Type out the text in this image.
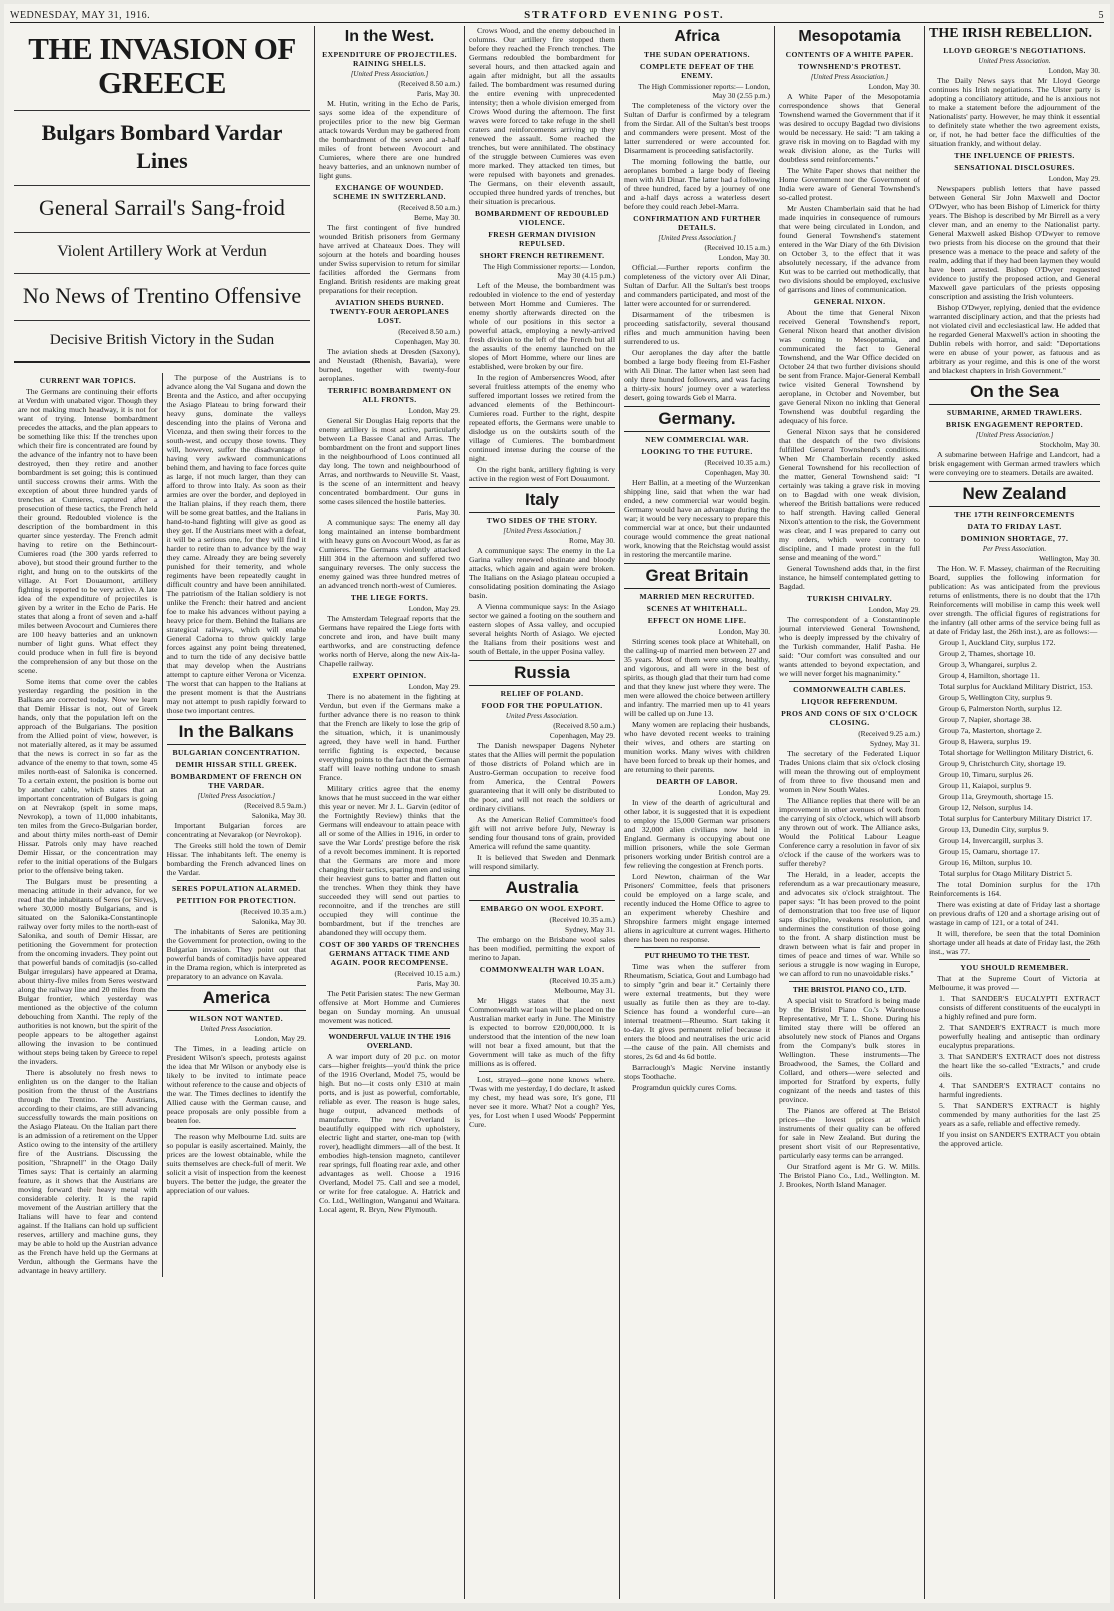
WEDNESDAY, MAY 31, 1916.	STRATFORD EVENING POST.	5
THE INVASION OF GREECE
Bulgars Bombard Vardar Lines
General Sarrail's Sang-froid
Violent Artillery Work at Verdun
No News of Trentino Offensive
Decisive British Victory in the Sudan
CURRENT WAR TOPICS.

The Germans are continuing their efforts at Verdun with unabated vigor. Though they are not making much headway, it is not for want of trying. Intense bombardment precedes the attacks, and the plan appears to be something like this: If the trenches upon which their fire is concentrated are found by the advance of the infantry not to have been destroyed, then they retire and another bombardment is set going; this is continued until success crowns their arms. With the exception of about three hundred yards of trenches at Cumieres, captured after a prosecution of these tactics, the French held their ground. Redoubled violence is the description of the bombardment in this quarter since yesterday. The French admit having to retire on the Bethincourt-Cumieres road (the 300 yards referred to above), but stood their ground further to the right, and hung on to the outskirts of the village. At Fort Douaumont, artillery fighting is reported to be very active. A late idea of the expenditure of projectiles is given by a writer in the Echo de Paris. He states that along a front of seven and a-half miles between Avocourt and Cumieres there are 100 heavy batteries and an unknown number of light guns. What effect they could produce when in full fire is beyond the comprehension of any but those on the scene.

Some items that come over the cables yesterday regarding the position in the Balkans are corrected today. Now we learn that Demir Hissar is not, out of Greek hands, only that the population left on the approach of the Bulgarians. The position from the Allied point of view, however, is not materially altered, as it may be assumed that the news is correct in so far as the advance of the enemy to that town, some 45 miles north-east of Salonika is concerned. To a certain extent, the position is borne out by another cable, which states that an important concentration of Bulgars is going on at Nevrakop (spelt in some maps, Nevrokop), a town of 11,000 inhabitants, ten miles from the Greco-Bulgarian border, and about thirty miles north-east of Demir Hissar. Patrols only may have reached Demir Hissar, or the concentration may refer to the initial operations of the Bulgars prior to the offensive being taken.

The Bulgars must be presenting a menacing attitude in their advance, for we read that the inhabitants of Seres (or Sirves), where 30,000 mostly Bulgarians, and is situated on the Salonika-Constantinople railway over forty miles to the north-east of Salonika, and south of Demir Hissar, are petitioning the Government for protection from the oncoming invaders. They point out that powerful bands of comitadjis (so-called Bulgar irregulars) have appeared at Drama, about thirty-five miles from Seres westward along the railway line and 20 miles from the Bulgar frontier, which yesterday was mentioned as the objective of the column debouching from Xanthi. The reply of the authorities is not known, but the spirit of the people appears to be altogether against allowing the invasion to be continued without steps being taken by Greece to repel the invaders.

There is absolutely no fresh news to enlighten us on the danger to the Italian position from the thrust of the Austrians through the Trentino. The Austrians, according to their claims, are still advancing successfully towards the main positions on the Asiago Plateau. On the Italian part there is an admission of a retirement on the Upper Astico owing to the intensity of the artillery fire of the Austrians. Discussing the position, "Shrapnell" in the Otago Daily Times says: That is certainly an alarming feature, as it shows that the Austrians are moving forward their heavy metal with considerable celerity. It is the rapid movement of the Austrian artillery that the Italians will have to fear and contend against. If the Italians can hold up sufficient reserves, artillery and machine guns, they may be able to hold up the Austrian advance as the French have held up the Germans at Verdun, although the Germans have the advantage in heavy artillery.

The purpose of the Austrians is to advance along the Val Sugana and down the Brenta and the Astico, and after occupying the Asiago Plateau to bring forward their heavy guns, dominate the valleys descending into the plains of Verona and Vicenza, and then swing their forces to the south-west, and occupy those towns. They will, however, suffer the disadvantage of having very awkward communications behind them, and having to face forces quite as large, if not much larger, than they can afford to throw into Italy. As soon as their armies are over the border, and deployed in the Italian plains, if they reach them, there will be some great battles, and the Italians in hand-to-hand fighting will give as good as they get. If the Austrians meet with a defeat, it will be a serious one, for they will find it harder to retire than to advance by the way they came. Already they are being severely punished for their temerity, and whole regiments have been repeatedly caught in difficult country and have been annihilated. The patriotism of the Italian soldiery is not unlike the French: their hatred and ancient foe to make his advances without paying a heavy price for them. Behind the Italians are strategical railways, which will enable General Cadorna to throw quickly large forces against any point being threatened, and to turn the tide of any decisive battle that may develop when the Austrians attempt to capture either Verona or Vicenza. The worst that can happen to the Italians at the present moment is that the Austrians may not attempt to push rapidly forward to those two important centres.

In the Balkans
BULGARIAN CONCENTRATION.
DEMIR HISSAR STILL GREEK.
BOMBARDMENT OF FRENCH ON THE VARDAR.
[United Press Association.]
(Received 8.5 9a.m.)
Salonika, May 30.

Important Bulgarian forces are concentrating at Nevarakop (or Nevrokop).

The Greeks still hold the town of Demir Hissar. The inhabitants left. The enemy is bombarding the French advanced lines on the Vardar.

SERES POPULATION ALARMED.
PETITION FOR PROTECTION.
(Received 10.35 a.m.)
Salonika, May 30.

The inhabitants of Seres are petitioning the Government for protection, owing to the Bulgarian invasion. They point out that powerful bands of comitadjis have appeared in the Drama region, which is interpreted as preparatory to an advance on Kavala.

America
WILSON NOT WANTED.
United Press Association.
London, May 29.

The Times, in a leading article on President Wilson's speech, protests against the idea that Mr Wilson or anybody else is likely to be invited to intimate peace without reference to the cause and objects of the war. The Times declines to identify the Allied cause with the German cause, and peace proposals are only possible from a beaten foe.

The reason why Melbourne Ltd. suits are so popular is easily ascertained. Mainly, the prices are the lowest obtainable, while the suits themselves are check-full of merit. We solicit a visit of inspection from the keenest buyers. The better the judge, the greater the appreciation of our values.

In the West.
EXPENDITURE OF PROJECTILES. RAINING SHELLS.
[United Press Association.]
(Received 8.50 a.m.)
Paris, May 30.

M. Hutin, writing in the Echo de Paris, says some idea of the expenditure of projectiles prior to the new big German attack towards Verdun may be gathered from the bombardment of the seven and a-half miles of front between Avocourt and Cumieres, where there are one hundred heavy batteries, and an unknown number of light guns.

EXCHANGE OF WOUNDED. SCHEME IN SWITZERLAND.
(Received 8.50 a.m.)
Berne, May 30.

The first contingent of five hundred wounded British prisoners from Germany have arrived at Chateaux Does. They will sojourn at the hotels and boarding houses under Swiss supervision to return for similar facilities afforded the Germans from England. British residents are making great preparations for their reception.

AVIATION SHEDS BURNED. TWENTY-FOUR AEROPLANES LOST.
(Received 8.50 a.m.)
Copenhagen, May 30.

The aviation sheds at Dresden (Saxony), and Neustadt (Rhenish, Bavaria), were burned, together with twenty-four aeroplanes.

TERRIFIC BOMBARDMENT ON ALL FRONTS.
London, May 29.

General Sir Douglas Haig reports that the enemy artillery is most active, particularly between La Bassee Canal and Arras. The bombardment on the front and support lines in the neighbourhood of Loos continued all day long. The town and neighbourhood of Arras, and northwards to Neuville St. Vaast, is the scene of an intermittent and heavy concentrated bombardment. Our guns in some cases silenced the hostile batteries.

Paris, May 30.

A communique says: The enemy all day long maintained an intense bombardment with heavy guns on Avocourt Wood, as far as Cumieres. The Germans violently attacked Hill 304 in the afternoon and suffered two sanguinary reverses. The only success the enemy gained was three hundred metres of an advanced trench north-west of Cumieres.

THE LIEGE FORTS.
London, May 29.

The Amsterdam Telegraaf reports that the Germans have repaired the Liege forts with concrete and iron, and have built many earthworks, and are constructing defence works north of Herve, along the new Aix-la-Chapelle railway.

EXPERT OPINION.
London, May 29.

There is no abatement in the fighting at Verdun, but even if the Germans make a further advance there is no reason to think that the French are likely to lose the grip of the situation, which, it is unanimously agreed, they have well in hand. Further terrific fighting is expected, because everything points to the fact that the German staff will leave nothing undone to smash France.

Military critics agree that the enemy knows that he must succeed in the war either this year or never. Mr J. L. Garvin (editor of the Fortnightly Review) thinks that the Germans will endeavour to attain peace with all or some of the Allies in 1916, in order to save the War Lords' prestige before the risk of a revolt becomes imminent. It is reported that the Germans are more and more changing their tactics, sparing men and using their heaviest guns to batter and flatten out the trenches. When they think they have succeeded they will send out parties to reconnoitre, and if the trenches are still occupied they will continue the bombardment, but if the trenches are abandoned they will occupy them.

COST OF 300 YARDS OF TRENCHES GERMANS ATTACK TIME AND AGAIN. POOR RECOMPENSE.
(Received 10.15 a.m.)
Paris, May 30.

The Petit Parisien states: The new German offensive at Mort Homme and Cumieres began on Sunday morning. An unusual movement was noticed.

WONDERFUL VALUE IN THE 1916 OVERLAND.

A war import duty of 20 p.c. on motor cars—higher freights—you'd think the price of the 1916 Overland, Model 75, would be high. But no—it costs only £310 at main ports, and is just as powerful, comfortable, reliable as ever. The reason is huge sales, huge output, advanced methods of manufacture. The new Overland is beautifully equipped with rich upholstery, electric light and starter, one-man top (with rover), headlight dimmers—all of the best. It embodies high-tension magneto, cantilever rear springs, full floating rear axle, and other advantages as well. Choose a 1916 Overland, Model 75. Call and see a model, or write for free catalogue. A. Hatrick and Co. Ltd., Wellington, Wanganui and Waitara. Local agent, R. Bryn, New Plymouth.

Crows Wood, and the enemy debouched in columns. Our artillery fire stopped them before they reached the French trenches. The Germans redoubled the bombardment for several hours, and then attacked again and again after midnight, but all the assaults failed. The bombardment was resumed during the entire evening with unprecedented intensity; then a whole division emerged from Crows Wood during the afternoon. The first waves were forced to take refuge in the shell craters and reinforcements arriving up they renewed the assault. Some reached the trenches, but were annihilated. The obstinacy of the struggle between Cumieres was even more marked. They attacked ten times, but were repulsed with bayonets and grenades. The Germans, on their eleventh assault, occupied three hundred yards of trenches, but their situation is precarious.

BOMBARDMENT OF REDOUBLED VIOLENCE.
FRESH GERMAN DIVISION REPULSED.
SHORT FRENCH RETIREMENT.
The High Commissioner reports:— London, May 30 (4.15 p.m.)

Left of the Meuse, the bombardment was redoubled in violence to the end of yesterday between Mort Homme and Cumieres. The enemy shortly afterwards directed on the whole of our positions in this sector a powerful attack, employing a newly-arrived fresh division to the left of the French but all the assaults of the enemy launched on the slopes of Mort Homme, where our lines are established, were broken by our fire.

In the region of Ambersencres Wood, after several fruitless attempts of the enemy who suffered important losses we retired from the advanced elements of the Bethincourt-Cumieres road. Further to the right, despite repeated efforts, the Germans were unable to dislodge us on the outskirts south of the village of Cumieres. The bombardment continued intense during the course of the night.

On the right bank, artillery fighting is very active in the region west of Fort Douaumont.

Italy
TWO SIDES OF THE STORY.
[United Press Association.]
Rome, May 30.

A communique says: The enemy in the La Garina valley renewed obstinate and bloody attacks, which again and again were broken. The Italians on the Asiago plateau occupied a consolidating position dominating the Asiago basin.

A Vienna communique says: In the Asiago sector we gained a footing on the southern and eastern slopes of Assa valley, and occupied several heights North of Asiago. We ejected the Italians from their positions west and south of Bettale, in the upper Posina valley.

Russia
RELIEF OF POLAND.
FOOD FOR THE POPULATION.
United Press Association.
(Received 8.50 a.m.)
Copenhagen, May 29.

The Danish newspaper Dagens Nyheter states that the Allies will permit the population of those districts of Poland which are in Austro-German occupation to receive food from America, the Central Powers guaranteeing that it will only be distributed to the poor, and will not reach the soldiers or ordinary civilians.

As the American Relief Committee's food gift will not arrive before July, Newray is sending four thousand tons of grain, provided America will refund the same quantity.

It is believed that Sweden and Denmark will respond similarly.

Australia
EMBARGO ON WOOL EXPORT.
(Received 10.35 a.m.)
Sydney, May 31.

The embargo on the Brisbane wool sales has been modified, permitting the export of merino to Japan.

COMMONWEALTH WAR LOAN.
(Received 10.35 a.m.)
Melbourne, May 31.

Mr Higgs states that the next Commonwealth war loan will be placed on the Australian market early in June. The Ministry is expected to borrow £20,000,000. It is understood that the intention of the new loan will not bear a fixed amount, but that the Government will take as much of the fifty millions as is offered.

Lost, strayed—gone none knows where. 'Twas with me yesterday, I do declare, It asked my chest, my head was sore, It's gone, I'll never see it more. What? Not a cough? Yes, yes, for Lost when I used Woods' Peppermint Cure.

Africa
THE SUDAN OPERATIONS.
COMPLETE DEFEAT OF THE ENEMY.
The High Commissioner reports:— London, May 30 (2.55 p.m.)

The completeness of the victory over the Sultan of Darfur is confirmed by a telegram from the Sirdar. All of the Sultan's best troops and commanders were present. Most of the latter surrendered or were accounted for. Disarmament is proceeding satisfactorily.

The morning following the battle, our aeroplanes bombed a large body of fleeing men with Ali Dinar. The latter had a following of three hundred, faced by a journey of one and a-half days across a waterless desert before they could reach Jebel-Marra.

CONFIRMATION AND FURTHER DETAILS.
[United Press Association.]
(Received 10.15 a.m.)
London, May 30.

Official.—Further reports confirm the completeness of the victory over Ali Dinar, Sultan of Darfur. All the Sultan's best troops and commanders participated, and most of the latter were accounted for or surrendered.

Disarmament of the tribesmen is proceeding satisfactorily, several thousand rifles and much ammunition having been surrendered to us.

Our aeroplanes the day after the battle bombed a large body fleeing from El-Fasher with Ali Dinar. The latter when last seen had only three hundred followers, and was facing a thirty-six hours' journey over a waterless desert, going towards Geb el Marra.

Germany.
NEW COMMERCIAL WAR.
LOOKING TO THE FUTURE.
(Received 10.35 a.m.)
Copenhagen, May 30.

Herr Ballin, at a meeting of the Wurzenkan shipping line, said that when the war had ended, a new commercial war would begin. Germany would have an advantage during the war; it would be very necessary to prepare this commercial war at once, but their undaunted courage would commence the great national work, knowing that the Reichstag would assist in restoring the mercantile marine.

Great Britain
MARRIED MEN RECRUITED.
SCENES AT WHITEHALL.
EFFECT ON HOME LIFE.
London, May 30.

Stirring scenes took place at Whitehall, on the calling-up of married men between 27 and 35 years. Most of them were strong, healthy, and vigorous, and all were in the best of spirits, as though glad that their turn had come and that they knew just where they were. The men were allowed the choice between artillery and infantry. The married men up to 41 years will be called up on June 13.

Many women are replacing their husbands, who have devoted recent weeks to training their wives, and others are starting on munition works. Many wives with children have been forced to break up their homes, and are returning to their parents.

DEARTH OF LABOR.
London, May 29.

In view of the dearth of agricultural and other labor, it is suggested that it is expedient to employ the 15,000 German war prisoners and 32,000 alien civilians now held in England. Germany is occupying about one million prisoners, while the sole German prisoners working under British control are a few relieving the congestion at French ports.

Lord Newton, chairman of the War Prisoners' Committee, feels that prisoners could be employed on a large scale, and recently induced the Home Office to agree to an experiment whereby Cheshire and Shropshire farmers might engage interned aliens in agriculture at current wages. Hitherto there has been no response.

PUT RHEUMO TO THE TEST.

Time was when the sufferer from Rheumatism, Sciatica, Gout and Lumbago had to simply "grin and bear it." Certainly there were external treatments, but they were usually as futile then as they are to-day. Science has found a wonderful cure—an internal treatment—Rheumo. Start taking it to-day. It gives permanent relief because it enters the blood and neutralises the uric acid—the cause of the pain. All chemists and stores, 2s 6d and 4s 6d bottle.

Barraclough's Magic Nervine instantly stops Toothache.

Programdun quickly cures Corns.

Mesopotamia
CONTENTS OF A WHITE PAPER.
TOWNSHEND'S PROTEST.
[United Press Association.]
London, May 30.

A White Paper of the Mesopotamia correspondence shows that General Townshend warned the Government that if it was desired to occupy Bagdad two divisions would be necessary. He said: "I am taking a grave risk in moving on to Bagdad with my weak division alone, as the Turks will doubtless send reinforcements."

The White Paper shows that neither the Home Government nor the Government of India were aware of General Townshend's so-called protest.

Mr Austen Chamberlain said that he had made inquiries in consequence of rumours that were being circulated in London, and found General Townshend's statement entered in the War Diary of the 6th Division on October 3, to the effect that it was absolutely necessary, if the advance from Kut was to be carried out methodically, that two divisions should be employed, exclusive of garrisons and lines of communication.

GENERAL NIXON.

About the time that General Nixon received General Townshend's report, General Nixon heard that another division was coming to Mesopotamia, and communicated the fact to General Townshend, and the War Office decided on October 24 that two further divisions should be sent from France. Major-General Kemball twice visited General Townshend by aeroplane, in October and November, but gave General Nixon no inkling that General Townshend was doubtful regarding the adequacy of his force.

General Nixon says that he considered that the despatch of the two divisions fulfilled General Townshend's conditions. When Mr Chamberlain recently asked General Townshend for his recollection of the matter, General Townshend said: "I certainly was taking a grave risk in moving on to Bagdad with one weak division, whereof the British battalions were reduced to half strength. Having called General Nixon's attention to the risk, the Government was clear, and I was prepared to carry out my orders, which were contrary to discipline, and I made protest in the full sense and meaning of the word."

General Townshend adds that, in the first instance, he himself contemplated getting to Bagdad.

TURKISH CHIVALRY.
London, May 29.

The correspondent of a Constantinople journal interviewed General Townshend, who is deeply impressed by the chivalry of the Turkish commander, Halif Pasha. He said: "Our comfort was consulted and our wants attended to beyond expectation, and we will never forget his magnanimity."

COMMONWEALTH CABLES.
LIQUOR REFERENDUM.
PROS AND CONS OF SIX O'CLOCK CLOSING.
(Received 9.25 a.m.)
Sydney, May 31.

The secretary of the Federated Liquor Trades Unions claim that six o'clock closing will mean the throwing out of employment of from three to five thousand men and women in New South Wales.

The Alliance replies that there will be an improvement in other avenues of work from the carrying of six o'clock, which will absorb any thrown out of work. The Alliance asks, Would the Political Labour League Conference carry a resolution in favor of six o'clock if the cause of the workers was to suffer thereby?

The Herald, in a leader, accepts the referendum as a war precautionary measure, and advocates six o'clock straightout. The paper says: "It has been proved to the point of demonstration that too free use of liquor saps discipline, weakens resolution, and undermines the constitution of those going to the front. A sharp distinction must be drawn between what is fair and proper in times of peace and times of war. While so serious a struggle is now waging in Europe, we can afford to run no unavoidable risks."

THE BRISTOL PIANO CO., LTD.

A special visit to Stratford is being made by the Bristol Piano Co.'s Warehouse Representative, Mr T. L. Shone. During his limited stay there will be offered an absolutely new stock of Pianos and Organs from the Company's bulk stores in Wellington. These instruments—The Broadwood, the Sames, the Collard and Collard, and others—were selected and imported for Stratford by experts, fully cognizant of the needs and tastes of this province.

The Pianos are offered at The Bristol prices—the lowest prices at which instruments of their quality can be offered for sale in New Zealand. But during the present short visit of our Representative, particularly easy terms can be arranged.

Our Stratford agent is Mr G. W. Mills. The Bristol Piano Co., Ltd., Wellington. M. J. Brookes, North Island Manager.

THE IRISH REBELLION.
LLOYD GEORGE'S NEGOTIATIONS.
United Press Association.
London, May 30.

The Daily News says that Mr Lloyd George continues his Irish negotiations. The Ulster party is adopting a conciliatory attitude, and he is anxious not to make a statement before the adjournment of the Nationalists' party. However, he may think it essential to definitely state whether the two agreement exists, or, if not, he had better face the difficulties of the situation frankly, and without delay.

THE INFLUENCE OF PRIESTS.
SENSATIONAL DISCLOSURES.
London, May 29.

Newspapers publish letters that have passed between General Sir John Maxwell and Doctor O'Dwyer, who has been Bishop of Limerick for thirty years. The Bishop is described by Mr Birrell as a very clever man, and an enemy to the Nationalist party. General Maxwell asked Bishop O'Dwyer to remove two priests from his diocese on the ground that their presence was a menace to the peace and safety of the realm, adding that if they had been laymen they would have been arrested. Bishop O'Dwyer requested evidence to justify the proposed action, and General Maxwell gave particulars of the priests opposing conscription and assisting the Irish volunteers.

Bishop O'Dwyer, replying, denied that the evidence warranted disciplinary action, and that the priests had not violated civil and ecclesiastical law. He added that he regarded General Maxwell's action in shooting the Dublin rebels with horror, and said: "Deportations were en abuse of your power, as fatuous and as arbitrary as your regime, and this is one of the worst and blackest chapters in Irish Government."

On the Sea
SUBMARINE, ARMED TRAWLERS.
BRISK ENGAGEMENT REPORTED.
[United Press Association.]
Stockholm, May 30.

A submarine between Hafrige and Landcort, had a brisk engagement with German armed trawlers which were conveying ore to steamers. Details are awaited.

New Zealand
THE 17TH REINFORCEMENTS
DATA TO FRIDAY LAST.
DOMINION SHORTAGE, 77.
Per Press Association.
Wellington, May 30.

The Hon. W. F. Massey, chairman of the Recruiting Board, supplies the following information for publication: As was anticipated from the previous returns of enlistments, there is no doubt that the 17th Reinforcements will mobilise in camp this week well over strength. The official figures of registrations for the infantry (all other arms of the service being full as at date of Friday last, the 26th inst.), are as follows:—

Group 1, Auckland City, surplus 172.

Group 2, Thames, shortage 10.

Group 3, Whangarei, surplus 2.

Group 4, Hamilton, shortage 11.

Total surplus for Auckland Military District, 153.

Group 5, Wellington City, surplus 9.

Group 6, Palmerston North, surplus 12.

Group 7, Napier, shortage 38.

Group 7a, Masterton, shortage 2.

Group 8, Hawera, surplus 19.

Total shortage for Wellington Military District, 6.

Group 9, Christchurch City, shortage 19.

Group 10, Timaru, surplus 26.

Group 11, Kaiapoi, surplus 9.

Group 11a, Greymouth, shortage 15.

Group 12, Nelson, surplus 14.

Total surplus for Canterbury Military District 17.

Group 13, Dunedin City, surplus 9.

Group 14, Invercargill, surplus 3.

Group 15, Oamaru, shortage 17.

Group 16, Milton, surplus 10.

Total surplus for Otago Military District 5.

The total Dominion surplus for the 17th Reinforcements is 164.

There was existing at date of Friday last a shortage on previous drafts of 120 and a shortage arising out of wastage in camp of 121, or a total of 241.

It will, therefore, be seen that the total Dominion shortage under all heads at date of Friday last, the 26th inst., was 77.

YOU SHOULD REMEMBER.

That at the Supreme Court of Victoria at Melbourne, it was proved —

1. That SANDER'S EUCALYPTI EXTRACT consists of different constituents of the eucalypti in a highly refined and pure form.

2. That SANDER'S EXTRACT is much more powerfully healing and antiseptic than ordinary eucalyptus preparations.

3. That SANDER'S EXTRACT does not distress the heart like the so-called "Extracts," and crude oils.

4. That SANDER'S EXTRACT contains no harmful ingredients.

5. That SANDER'S EXTRACT is highly commended by many authorities for the last 25 years as a safe, reliable and effective remedy.

If you insist on SANDER'S EXTRACT you obtain the approved article.
